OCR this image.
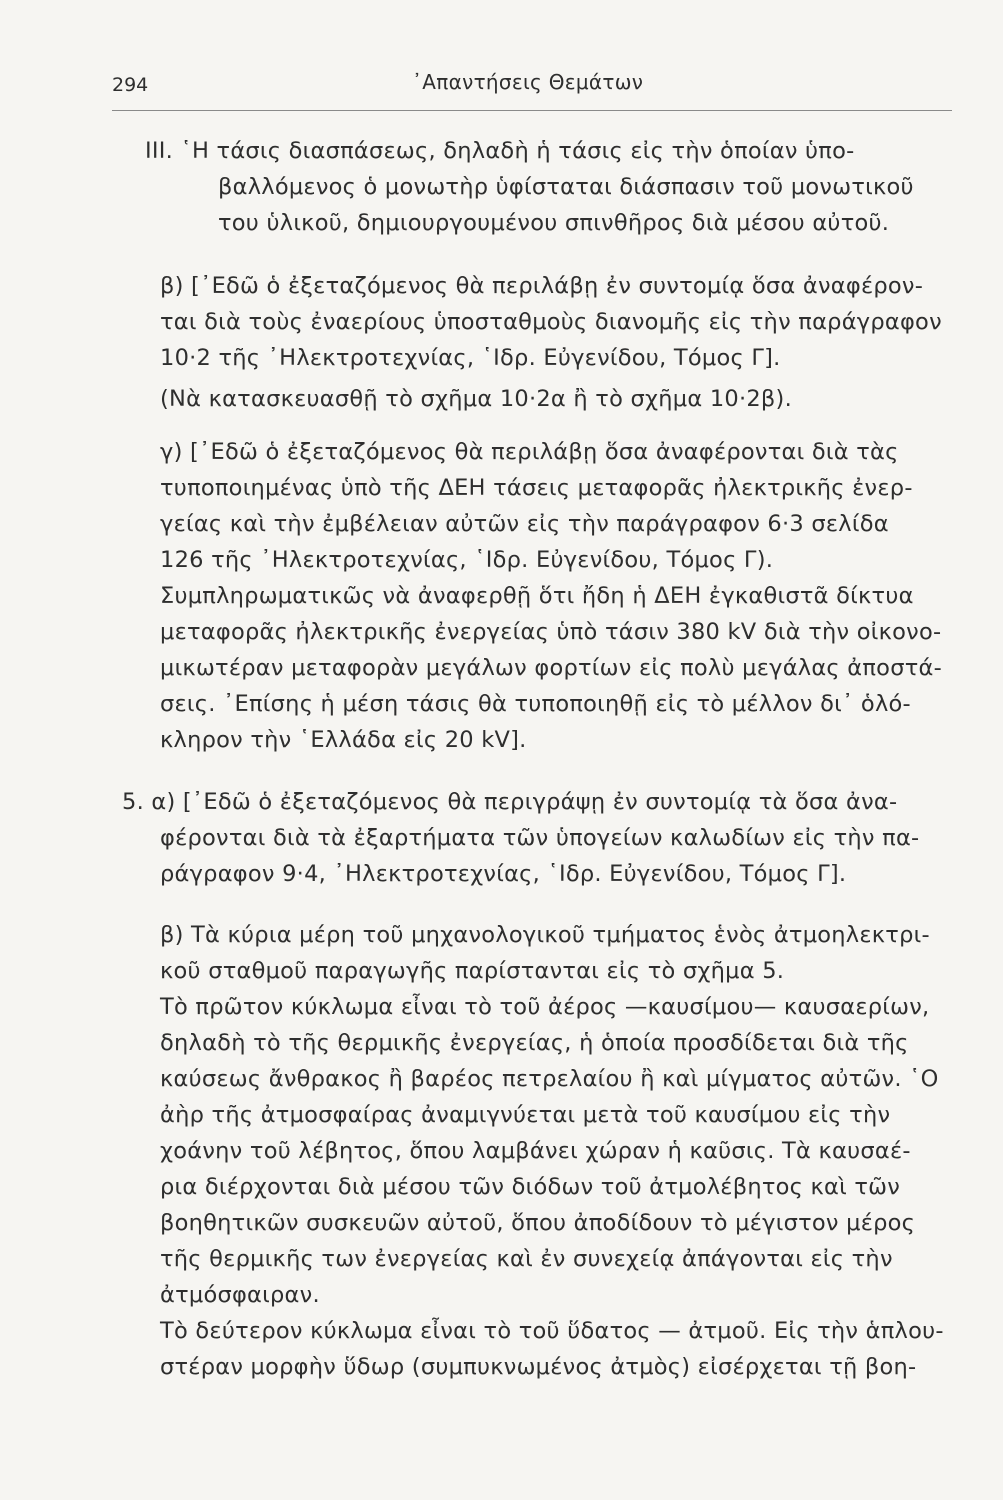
294	᾿Απαντήσεις Θεμάτων
ΙΙΙ. ῾Η τάσις διασπάσεως, δηλαδὴ ἡ τάσις εἰς τὴν ὁποίαν ὑπο-
βαλλόμενος ὁ μονωτὴρ ὑφίσταται διάσπασιν τοῦ μονωτικοῦ
του ὑλικοῦ, δημιουργουμένου σπινθῆρος διὰ μέσου αὐτοῦ.
β) [᾿Εδῶ ὁ ἐξεταζόμενος θὰ περιλάβῃ ἐν συντομίᾳ ὅσα ἀναφέρον-
ται διὰ τοὺς ἐναερίους ὑποσταθμοὺς διανομῆς εἰς τὴν παράγραφον
10·2 τῆς ᾿Ηλεκτροτεχνίας, ῾Ιδρ. Εὐγενίδου, Τόμος Γ].
(Νὰ κατασκευασθῇ τὸ σχῆμα 10·2α ἢ τὸ σχῆμα 10·2β).
γ) [᾿Εδῶ ὁ ἐξεταζόμενος θὰ περιλάβῃ ὅσα ἀναφέρονται διὰ τὰς
τυποποιημένας ὑπὸ τῆς ΔΕΗ τάσεις μεταφορᾶς ἠλεκτρικῆς ἐνερ-
γείας καὶ τὴν ἐμβέλειαν αὐτῶν εἰς τὴν παράγραφον 6·3 σελίδα
126 τῆς ᾿Ηλεκτροτεχνίας, ῾Ιδρ. Εὐγενίδου, Τόμος Γ).
Συμπληρωματικῶς νὰ ἀναφερθῇ ὅτι ἤδη ἡ ΔΕΗ ἐγκαθιστᾶ δίκτυα
μεταφορᾶς ἠλεκτρικῆς ἐνεργείας ὑπὸ τάσιν 380 kV διὰ τὴν οἰκονο-
μικωτέραν μεταφορὰν μεγάλων φορτίων εἰς πολὺ μεγάλας ἀποστά-
σεις. ᾿Επίσης ἡ μέση τάσις θὰ τυποποιηθῇ εἰς τὸ μέλλον δι᾿ ὁλό-
κληρον τὴν ῾Ελλάδα εἰς 20 kV].
5. α) [᾿Εδῶ ὁ ἐξεταζόμενος θὰ περιγράψῃ ἐν συντομίᾳ τὰ ὅσα ἀνα-
φέρονται διὰ τὰ ἐξαρτήματα τῶν ὑπογείων καλωδίων εἰς τὴν πα-
ράγραφον 9·4, ᾿Ηλεκτροτεχνίας, ῾Ιδρ. Εὐγενίδου, Τόμος Γ].
β) Τὰ κύρια μέρη τοῦ μηχανολογικοῦ τμήματος ἑνὸς ἀτμοηλεκτρι-
κοῦ σταθμοῦ παραγωγῆς παρίστανται εἰς τὸ σχῆμα 5.
Τὸ πρῶτον κύκλωμα εἶναι τὸ τοῦ ἀέρος —καυσίμου— καυσαερίων,
δηλαδὴ τὸ τῆς θερμικῆς ἐνεργείας, ἡ ὁποία προσδίδεται διὰ τῆς
καύσεως ἄνθρακος ἢ βαρέος πετρελαίου ἢ καὶ μίγματος αὐτῶν. ῾Ο
ἀὴρ τῆς ἀτμοσφαίρας ἀναμιγνύεται μετὰ τοῦ καυσίμου εἰς τὴν
χοάνην τοῦ λέβητος, ὅπου λαμβάνει χώραν ἡ καῦσις. Τὰ καυσαέ-
ρια διέρχονται διὰ μέσου τῶν διόδων τοῦ ἀτμολέβητος καὶ τῶν
βοηθητικῶν συσκευῶν αὐτοῦ, ὅπου ἀποδίδουν τὸ μέγιστον μέρος
τῆς θερμικῆς των ἐνεργείας καὶ ἐν συνεχείᾳ ἀπάγονται εἰς τὴν
ἀτμόσφαιραν.
Τὸ δεύτερον κύκλωμα εἶναι τὸ τοῦ ὕδατος — ἀτμοῦ. Εἰς τὴν ἁπλου-
στέραν μορφὴν ὕδωρ (συμπυκνωμένος ἀτμὸς) εἰσέρχεται τῇ βοη-
